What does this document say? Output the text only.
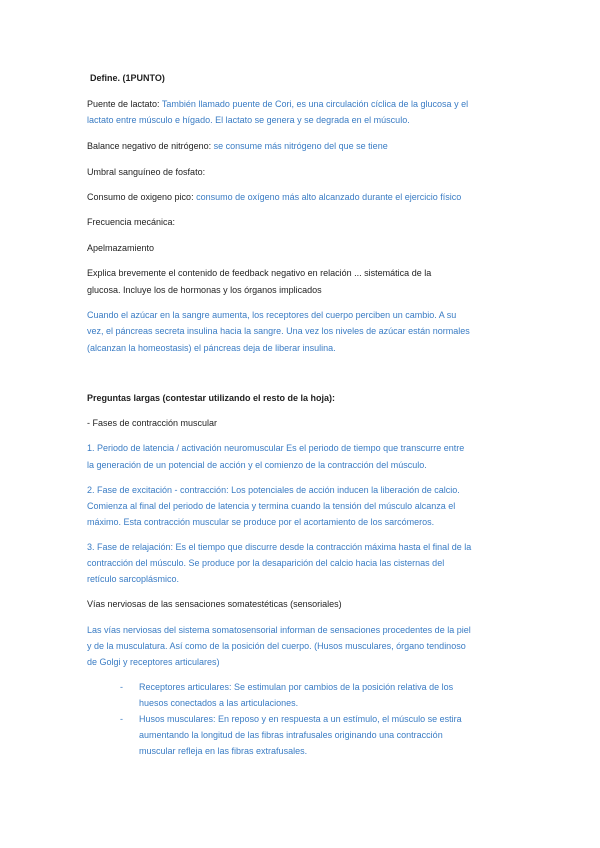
Define. (1PUNTO)
Puente de lactato: También llamado puente de Cori, es una circulación cíclica de la glucosa y el
lactato entre músculo e hígado. El lactato se genera y se degrada en el músculo.
Balance negativo de nitrógeno: se consume más nitrógeno del que se tiene
Umbral sanguíneo de fosfato:
Consumo de oxigeno pico: consumo de oxígeno más alto alcanzado durante el ejercicio físico
Frecuencia mecánica:
Apelmazamiento
Explica brevemente el contenido de feedback negativo en relación ... sistemática de la
glucosa. Incluye los de hormonas y los órganos implicados
Cuando el azúcar en la sangre aumenta, los receptores del cuerpo perciben un cambio. A su
vez, el páncreas secreta insulina hacia la sangre. Una vez los niveles de azúcar están normales
(alcanzan la homeostasis) el páncreas deja de liberar insulina.
Preguntas largas (contestar utilizando el resto de la hoja):
- Fases de contracción muscular
1. Periodo de latencia / activación neuromuscular Es el periodo de tiempo que transcurre entre
la generación de un potencial de acción y el comienzo de la contracción del músculo.
2. Fase de excitación - contracción: Los potenciales de acción inducen la liberación de calcio.
Comienza al final del periodo de latencia y termina cuando la tensión del músculo alcanza el
máximo. Esta contracción muscular se produce por el acortamiento de los sarcómeros.
3. Fase de relajación: Es el tiempo que discurre desde la contracción máxima hasta el final de la
contracción del músculo. Se produce por la desaparición del calcio hacia las cisternas del
retículo sarcoplásmico.
Vías nerviosas de las sensaciones somatestéticas (sensoriales)
Las vías nerviosas del sistema somatosensorial informan de sensaciones procedentes de la piel
y de la musculatura. Así como de la posición del cuerpo. (Husos musculares, órgano tendinoso
de Golgi y receptores articulares)
- Receptores articulares: Se estimulan por cambios de la posición relativa de los
huesos conectados a las articulaciones.
- Husos musculares: En reposo y en respuesta a un estímulo, el músculo se estira
aumentando la longitud de las fibras intrafusales originando una contracción
muscular refleja en las fibras extrafusales.
